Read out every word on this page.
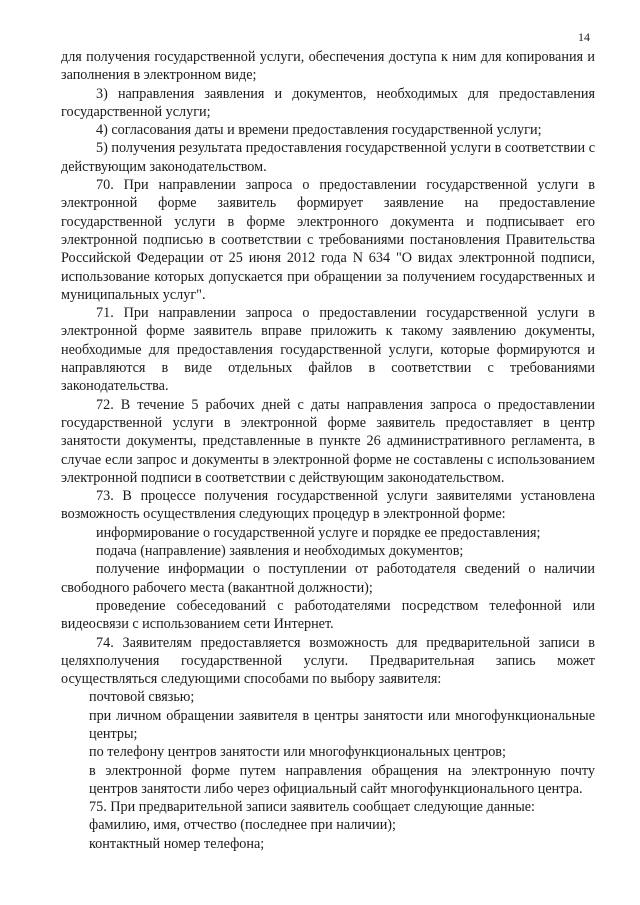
14

для получения государственной услуги, обеспечения доступа к ним для копирования и заполнения в электронном виде;

3) направления заявления и документов, необходимых для предоставления государственной услуги;

4) согласования даты и времени предоставления государственной услуги;

5) получения результата предоставления государственной услуги в соответствии с действующим законодательством.

70. При направлении запроса о предоставлении государственной услуги в электронной форме заявитель формирует заявление на предоставление государственной услуги в форме электронного документа и подписывает его электронной подписью в соответствии с требованиями постановления Правительства Российской Федерации от 25 июня 2012 года N 634 "О видах электронной подписи, использование которых допускается при обращении за получением государственных и муниципальных услуг".

71. При направлении запроса о предоставлении государственной услуги в электронной форме заявитель вправе приложить к такому заявлению документы, необходимые для предоставления государственной услуги, которые формируются и направляются в виде отдельных файлов в соответствии с требованиями законодательства.

72. В течение 5 рабочих дней с даты направления запроса о предоставлении государственной услуги в электронной форме заявитель предоставляет в центр занятости документы, представленные в пункте 26 административного регламента, в случае если запрос и документы в электронной форме не составлены с использованием электронной подписи в соответствии с действующим законодательством.

73. В процессе получения государственной услуги заявителями установлена возможность осуществления следующих процедур в электронной форме:

информирование о государственной услуге и порядке ее предоставления;

подача (направление) заявления и необходимых документов;

получение информации о поступлении от работодателя сведений о наличии свободного рабочего места (вакантной должности);

проведение собеседований с работодателями посредством телефонной или видеосвязи с использованием сети Интернет.

74. Заявителям предоставляется возможность для предварительной записи в целяхполучения государственной услуги. Предварительная запись может осуществляться следующими способами по выбору заявителя:

почтовой связью;

при личном обращении заявителя в центры занятости или многофункциональные центры;

по телефону центров занятости или многофункциональных центров;

в электронной форме путем направления обращения на электронную почту центров занятости либо через официальный сайт многофункционального центра.

75. При предварительной записи заявитель сообщает следующие данные:

фамилию, имя, отчество (последнее при наличии);

контактный номер телефона;
